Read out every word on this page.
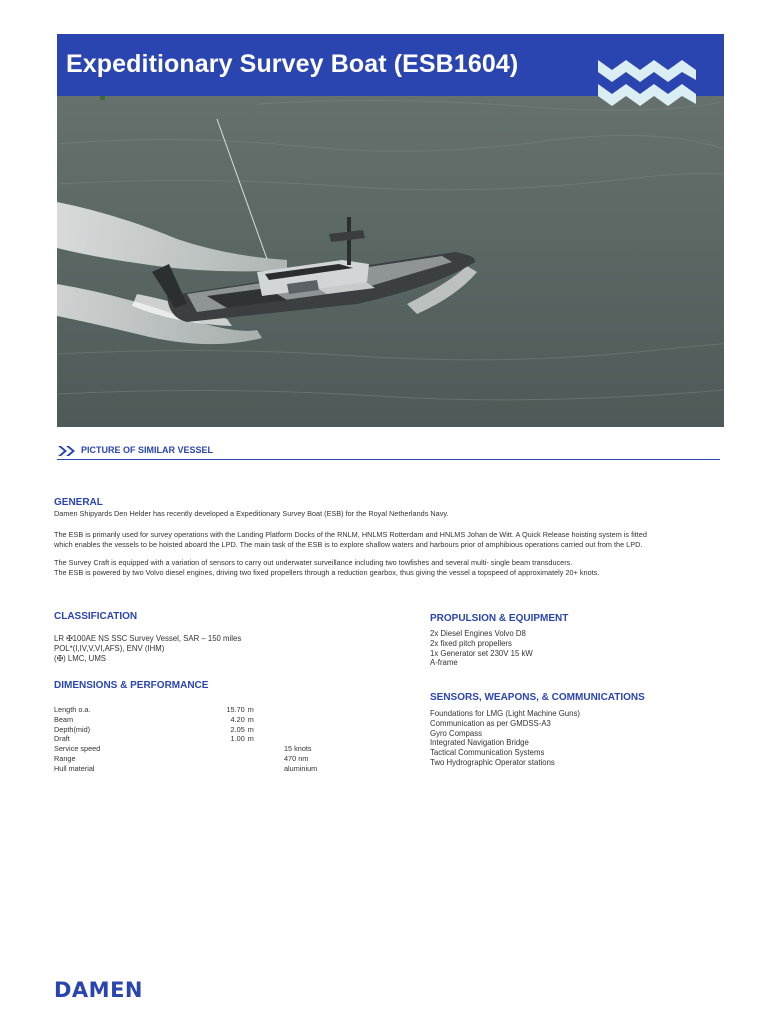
Expeditionary Survey Boat (ESB1604)
PICTURE OF SIMILAR VESSEL
GENERAL
Damen Shipyards Den Helder has recently developed a Expeditionary Survey Boat (ESB) for the Royal Netherlands Navy.
The ESB is primarily used for survey operations with the Landing Platform Docks of the RNLM, HNLMS Rotterdam and HNLMS Johan de Witt. A Quick Release hoisting system is fitted
which enables the vessels to be hoisted aboard the LPD. The main task of the ESB is to explore shallow waters and harbours prior of amphibious operations carried out from the LPD.
The Survey Craft is equipped with a variation of sensors to carry out underwater surveillance including two towfishes and several multi- single beam transducers.
The ESB is powered by two Volvo diesel engines, driving two fixed propellers through a reduction gearbox, thus giving the vessel a topspeed of approximately 20+ knots.
CLASSIFICATION
LR ✠100AE NS SSC Survey Vessel, SAR – 150 miles
POL*(I,IV,V,VI,AFS), ENV (IHM)
(✠) LMC, UMS
DIMENSIONS & PERFORMANCE
Length o.a.	15.70	m
Beam	4.20	m
Depth(mid)	2.05	m
Draft	1.00	m
Service speed	15 knots	
Range	470 nm	
Hull material	aluminium	
PROPULSION & EQUIPMENT
2x Diesel Engines Volvo D8
2x fixed pitch propellers
1x Generator set 230V 15 kW
A-frame
SENSORS, WEAPONS, & COMMUNICATIONS
Foundations for LMG (Light Machine Guns)
Communication as per GMDSS-A3
Gyro Compass
Integrated Navigation Bridge
Tactical Communication Systems
Two Hydrographic Operator stations
DAMEN
